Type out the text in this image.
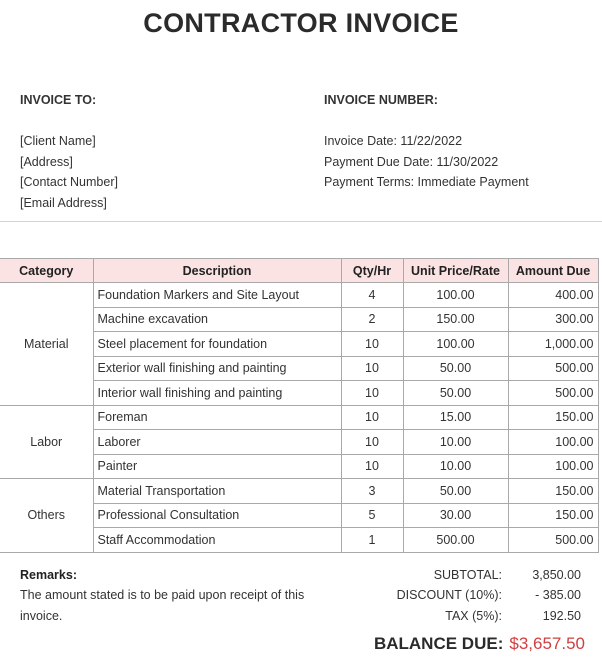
CONTRACTOR INVOICE
INVOICE TO:
[Client Name]
[Address]
[Contact Number]
[Email Address]
INVOICE NUMBER:
Invoice Date: 11/22/2022
Payment Due Date: 11/30/2022
Payment Terms: Immediate Payment
Category	Description	Qty/Hr	Unit Price/Rate	Amount Due
Material	Foundation Markers and Site Layout	4	100.00	400.00
	Machine excavation	2	150.00	300.00
	Steel placement for foundation	10	100.00	1,000.00
	Exterior wall finishing and painting	10	50.00	500.00
	Interior wall finishing and painting	10	50.00	500.00
Labor	Foreman	10	15.00	150.00
	Laborer	10	10.00	100.00
	Painter	10	10.00	100.00
Others	Material Transportation	3	50.00	150.00
	Professional Consultation	5	30.00	150.00
	Staff Accommodation	1	500.00	500.00
Remarks:
The amount stated is to be paid upon receipt of this invoice.
SUBTOTAL: 3,850.00
DISCOUNT (10%):	- 385.00
TAX (5%):	192.50
BALANCE DUE: $3,657.50
